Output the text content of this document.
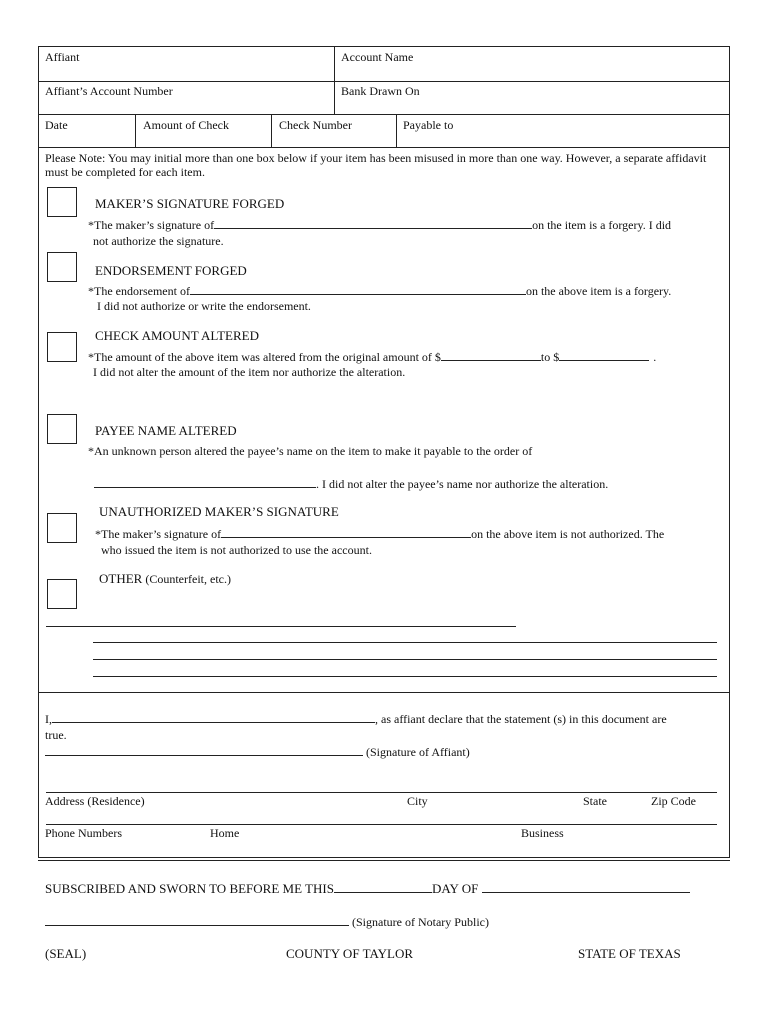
Affiant	Account Name
Affiant’s Account Number	Bank Drawn On
Date	Amount of Check	Check Number	Payable to
Please Note: You may initial more than one box below if your item has been misused in more than one way. However, a separate affidavit must be completed for each item.
MAKER’S SIGNATURE FORGED
*The maker’s signature of	on the item is a forgery. I did
not authorize the signature.
ENDORSEMENT FORGED
*The endorsement of	on the above item is a forgery.
I did not authorize or write the endorsement.
CHECK AMOUNT ALTERED
*The amount of the above item was altered from the original amount of $	to $	.
I did not alter the amount of the item nor authorize the alteration.
PAYEE NAME ALTERED
*An unknown person altered the payee’s name on the item to make it payable to the order of
. I did not alter the payee’s name nor authorize the alteration.
UNAUTHORIZED MAKER’S SIGNATURE
*The maker’s signature of	on the above item is not authorized. The
who issued the item is not authorized to use the account.
OTHER (Counterfeit, etc.)
I,	, as affiant declare that the statement (s) in this document are
true.
(Signature of Affiant)
Address (Residence)	City	State	Zip Code
Phone Numbers	Home	Business
SUBSCRIBED AND SWORN TO BEFORE ME THIS	DAY OF
(Signature of Notary Public)
(SEAL)	COUNTY OF TAYLOR	STATE OF TEXAS
